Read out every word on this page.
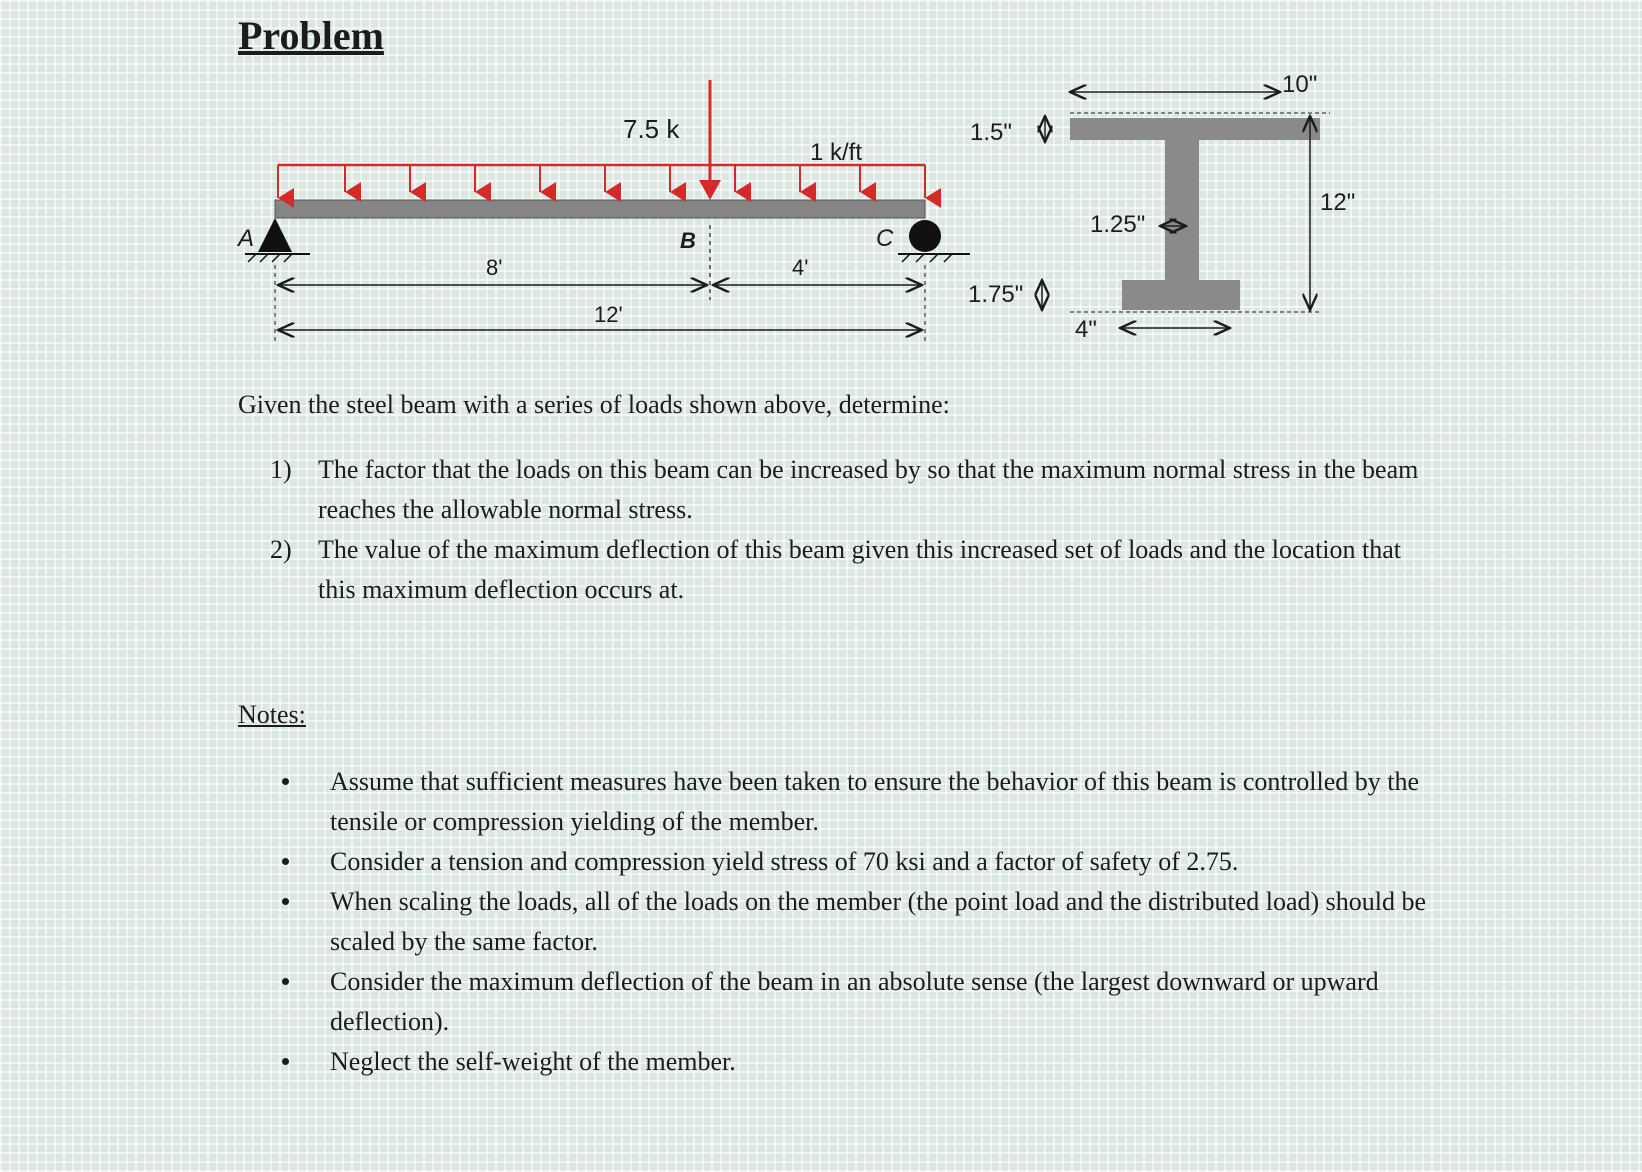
Problem
1 k/ft
7.5 k
A	C
B
8'	4'
12'
10"
1.5"
1.25"
12"
1.75"
4"

Given the steel beam with a series of loads shown above, determine:

1) The factor that the loads on this beam can be increased by so that the maximum normal stress in the beam reaches the allowable normal stress.
2) The value of the maximum deflection of this beam given this increased set of loads and the location that this maximum deflection occurs at.

Notes:

Assume that sufficient measures have been taken to ensure the behavior of this beam is controlled by the tensile or compression yielding of the member.
Consider a tension and compression yield stress of 70 ksi and a factor of safety of 2.75.
When scaling the loads, all of the loads on the member (the point load and the distributed load) should be scaled by the same factor.
Consider the maximum deflection of the beam in an absolute sense (the largest downward or upward deflection).
Neglect the self-weight of the member.
